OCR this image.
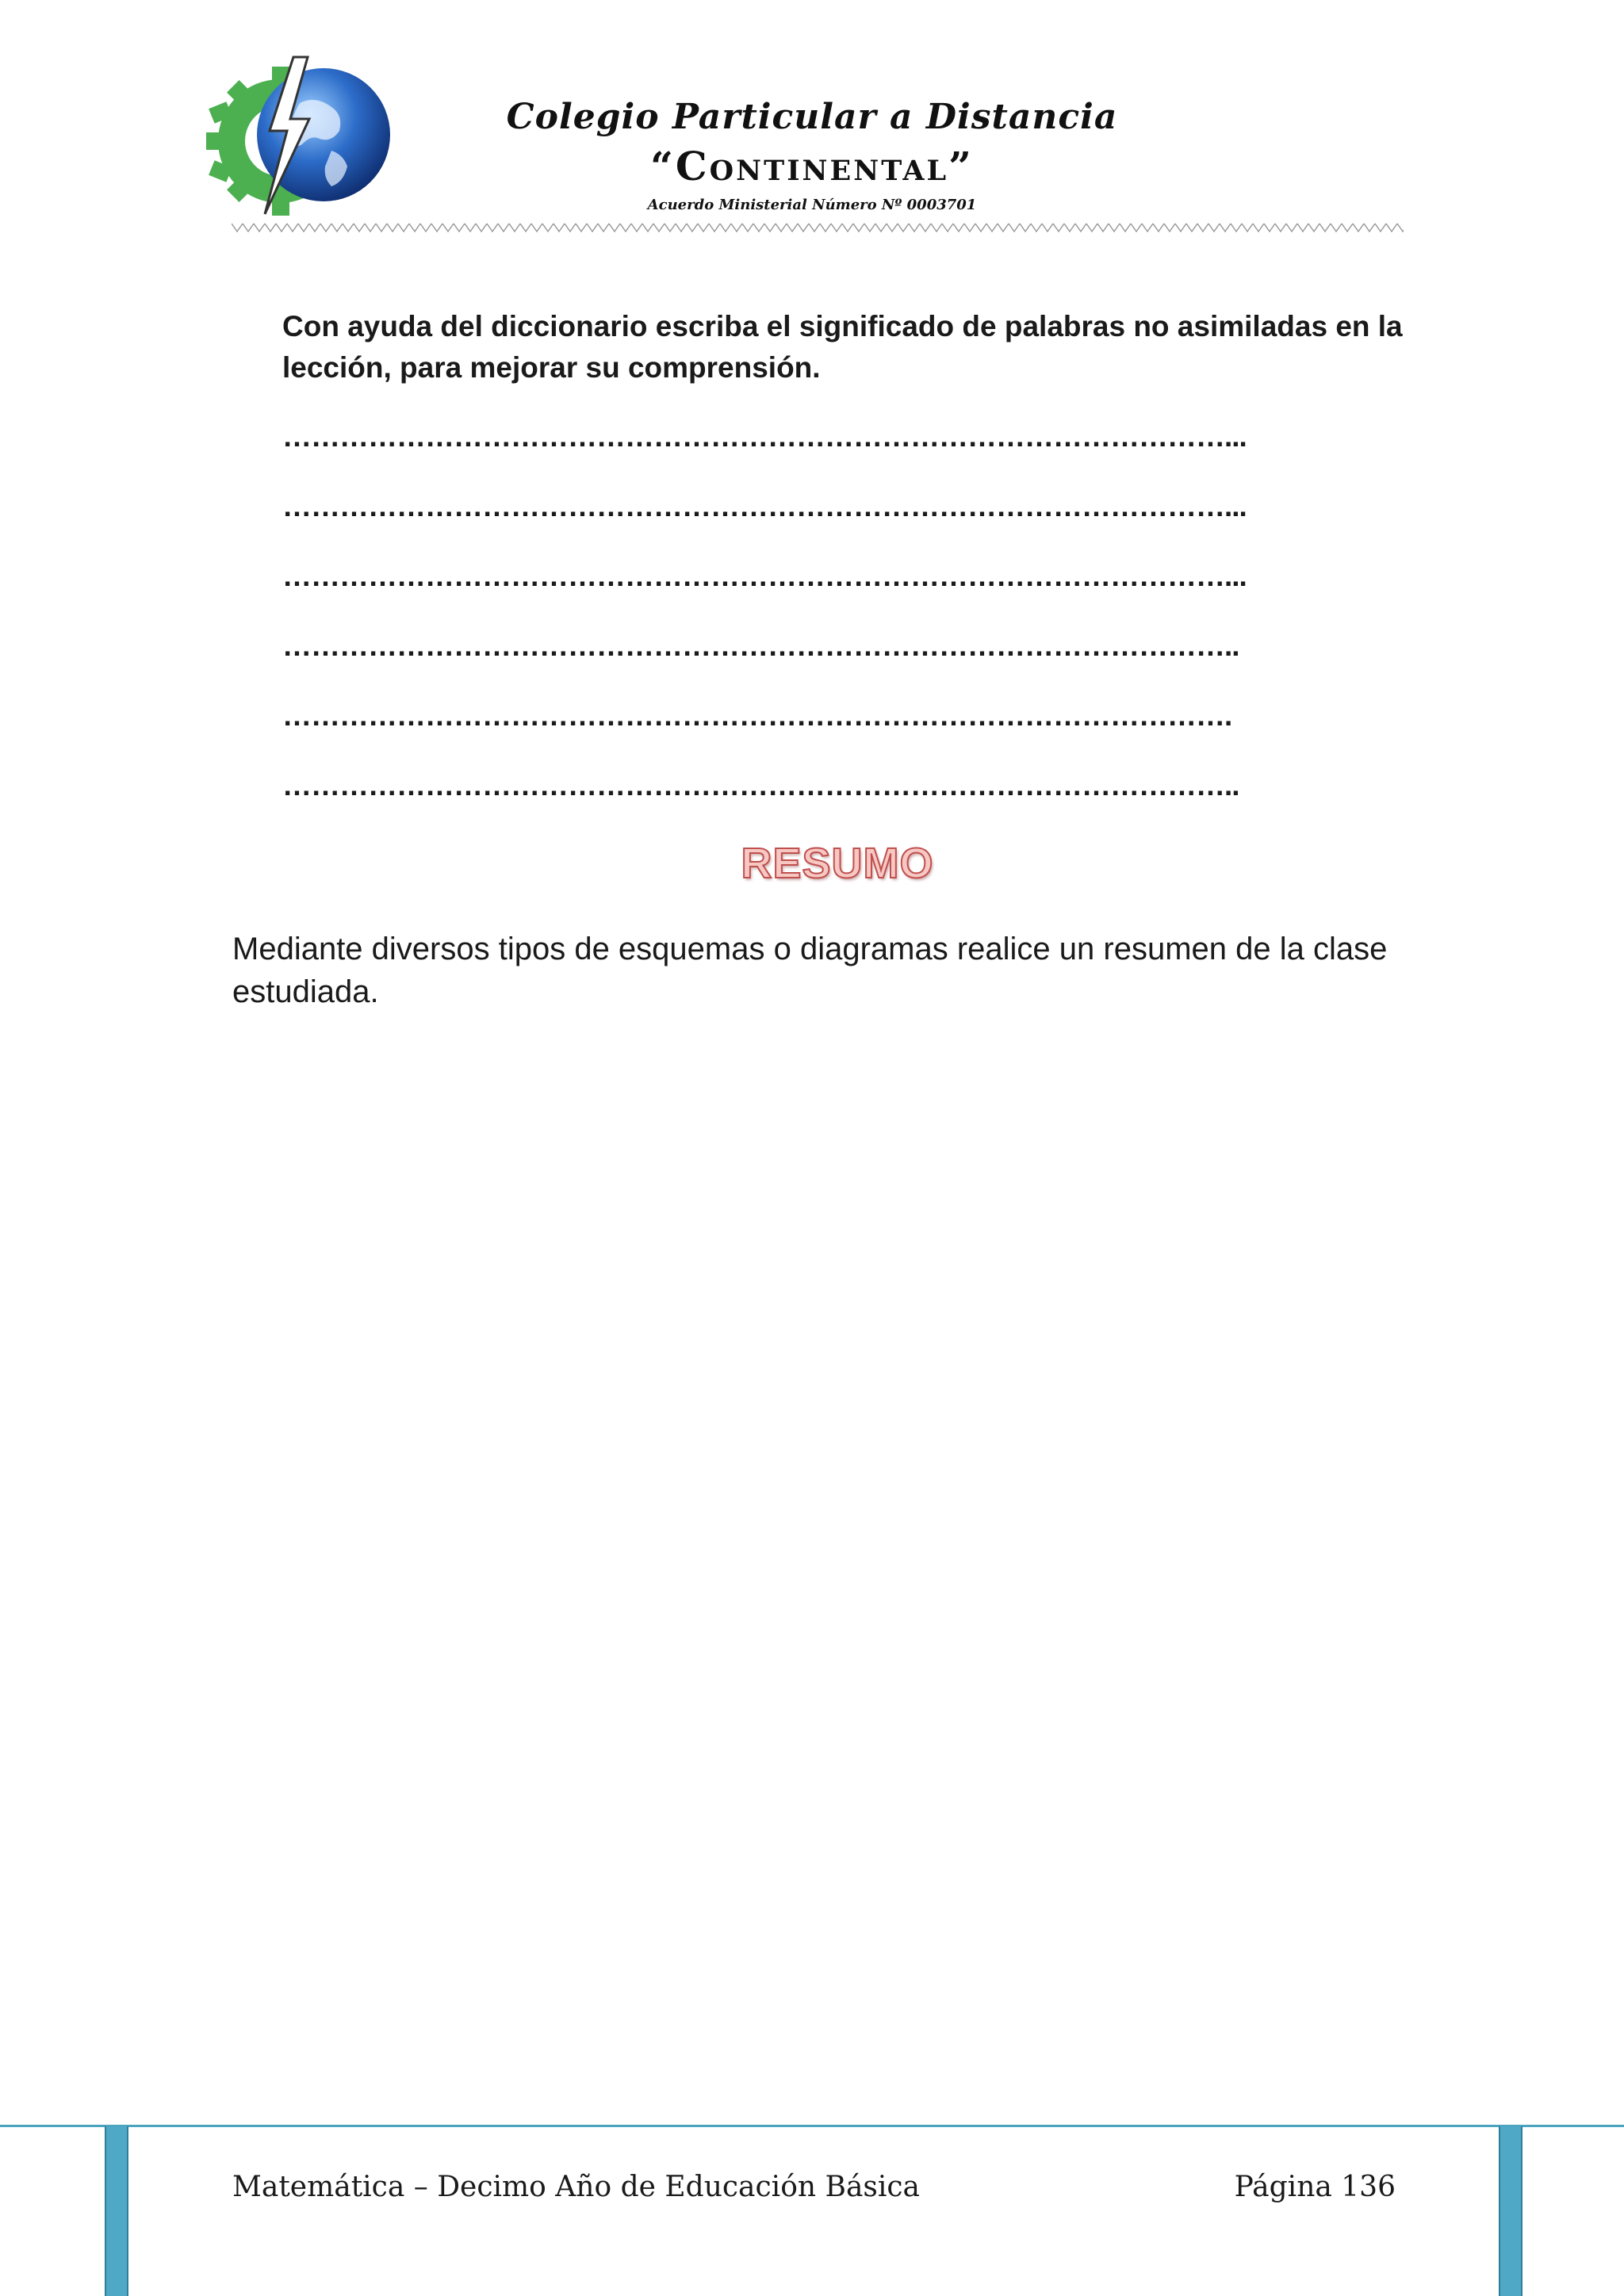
Colegio Particular a Distancia
“Continental”
Acuerdo Ministerial Número Nº 0003701
Con ayuda del diccionario escriba el significado de palabras no asimiladas en la lección, para mejorar su comprensión.
………………………………………………………………………………………...
………………………………………………………………………………………...
………………………………………………………………………………………...
………………………………………………………………………………………..
……………………………………………………………………………………….
………………………………………………………………………………………..
RESUMO
Mediante diversos tipos de esquemas o diagramas realice un resumen de la clase estudiada.
Matemática – Decimo Año de Educación Básica	Página 136
